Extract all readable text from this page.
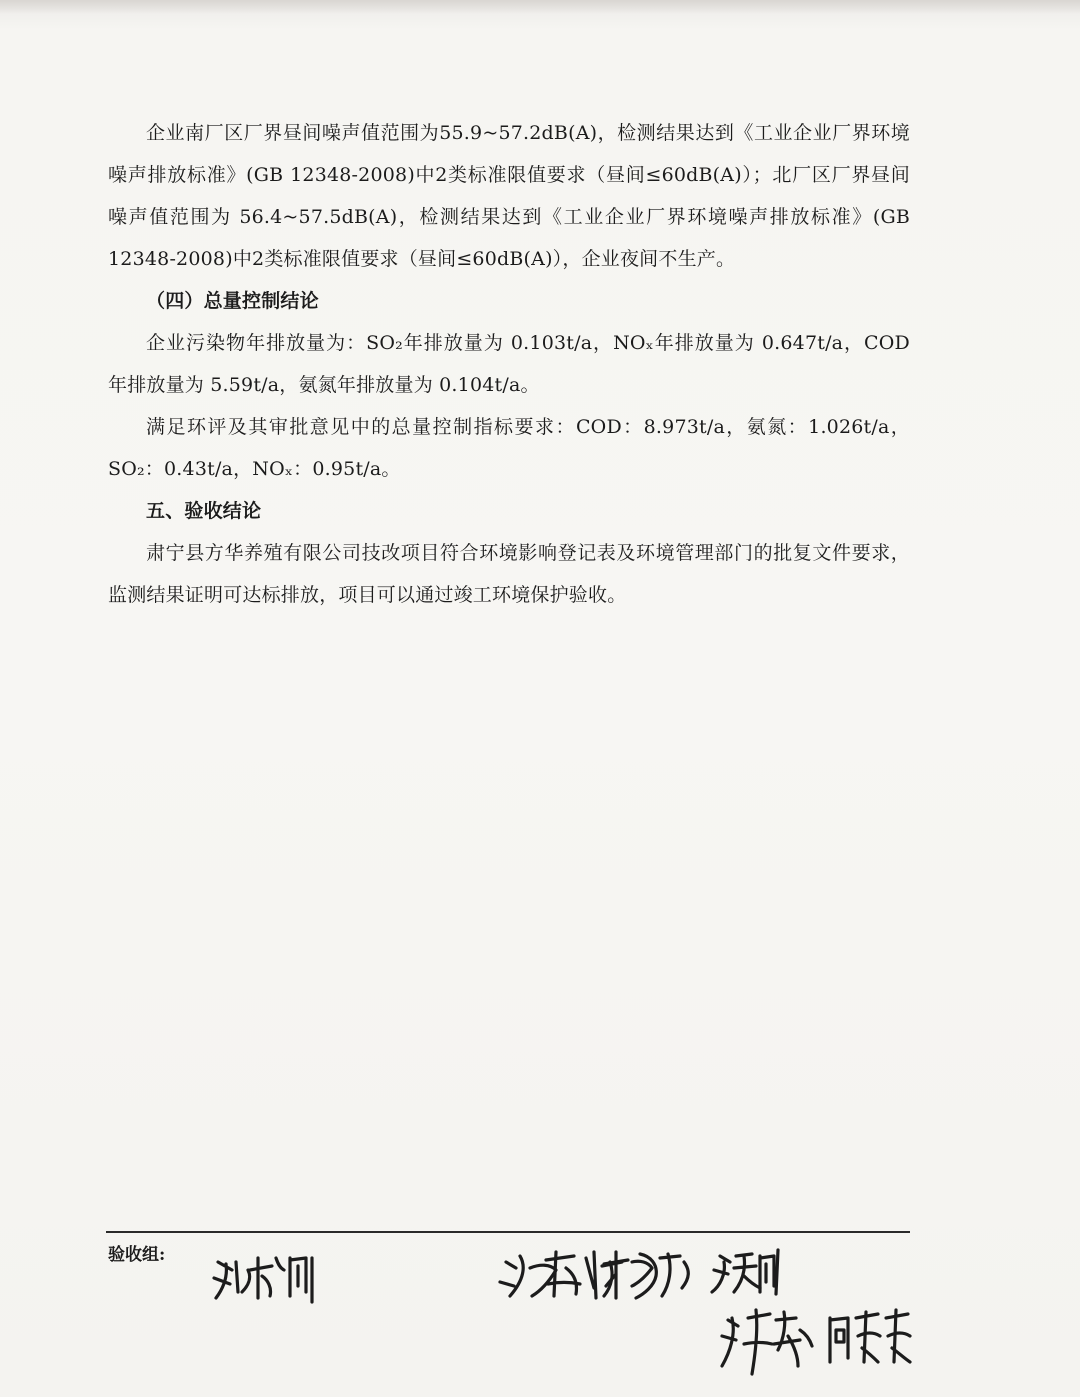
企业南厂区厂界昼间噪声值范围为55.9~57.2dB(A)，检测结果达到《工业企业厂界环境噪声排放标准》(GB 12348-2008)中2类标准限值要求（昼间≤60dB(A)）；北厂区厂界昼间噪声值范围为 56.4~57.5dB(A)，检测结果达到《工业企业厂界环境噪声排放标准》(GB 12348-2008)中2类标准限值要求（昼间≤60dB(A)），企业夜间不生产。

（四）总量控制结论

企业污染物年排放量为：SO₂年排放量为 0.103t/a，NOₓ年排放量为 0.647t/a，COD 年排放量为 5.59t/a，氨氮年排放量为 0.104t/a。

满足环评及其审批意见中的总量控制指标要求：COD：8.973t/a，氨氮：1.026t/a，SO₂：0.43t/a，NOₓ：0.95t/a。

五、验收结论

肃宁县方华养殖有限公司技改项目符合环境影响登记表及环境管理部门的批复文件要求，监测结果证明可达标排放，项目可以通过竣工环境保护验收。

验收组:
